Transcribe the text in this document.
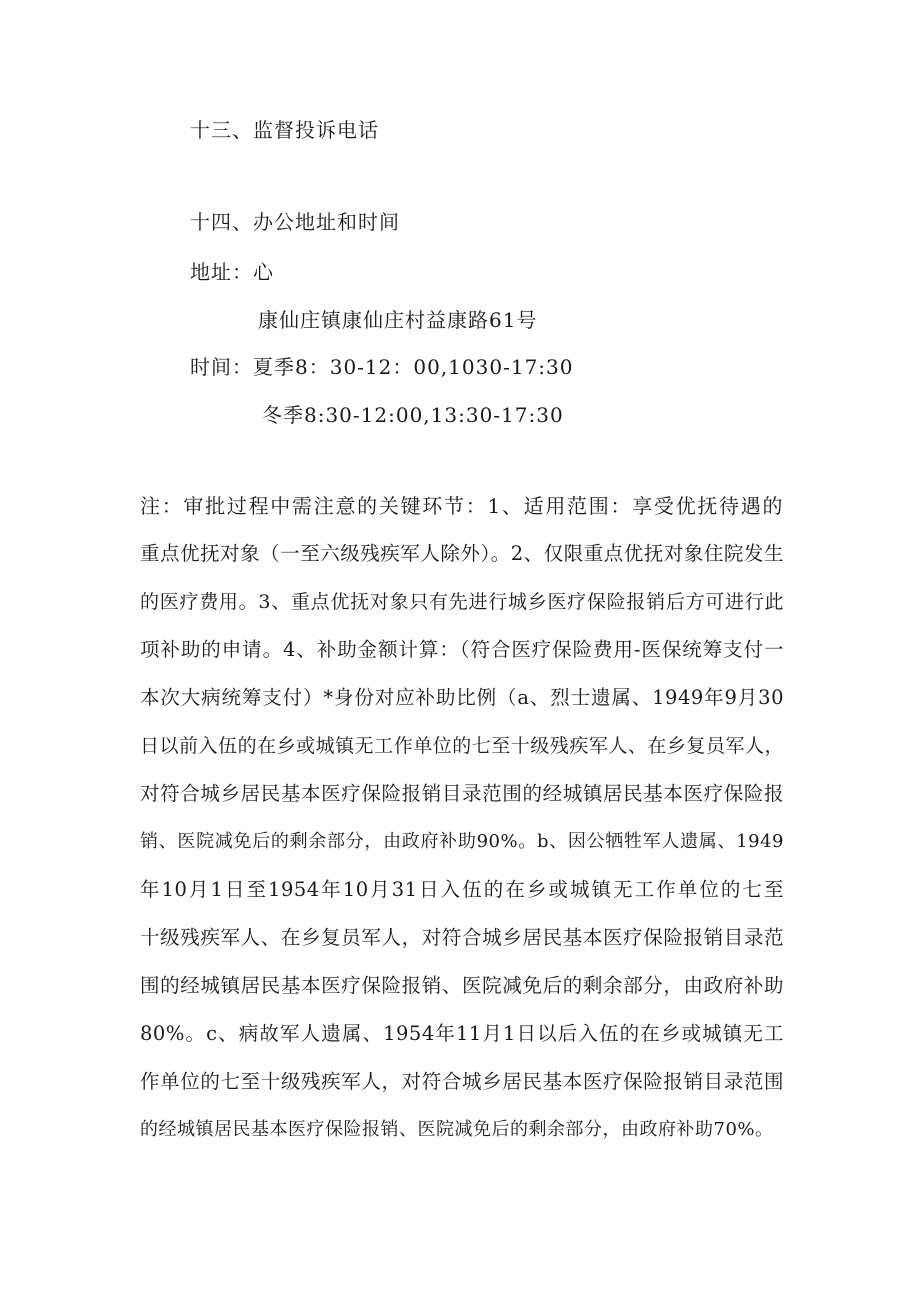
十三、监督投诉电话
十四、办公地址和时间
地址：心
康仙庄镇康仙庄村益康路61号
时间：夏季8：30-12：00,1030-17:30
冬季8:30-12:00,13:30-17:30
注：审批过程中需注意的关键环节：1、适用范围：享受优抚待遇的
重点优抚对象（一至六级残疾军人除外）。2、仅限重点优抚对象住院发生
的医疗费用。3、重点优抚对象只有先进行城乡医疗保险报销后方可进行此
项补助的申请。4、补助金额计算：（符合医疗保险费用-医保统筹支付一
本次大病统筹支付）*身份对应补助比例（a、烈士遗属、1949年9月30
日以前入伍的在乡或城镇无工作单位的七至十级残疾军人、在乡复员军人，
对符合城乡居民基本医疗保险报销目录范围的经城镇居民基本医疗保险报
销、医院减免后的剩余部分，由政府补助90%。b、因公牺牲军人遗属、1949
年10月1日至1954年10月31日入伍的在乡或城镇无工作单位的七至
十级残疾军人、在乡复员军人，对符合城乡居民基本医疗保险报销目录范
围的经城镇居民基本医疗保险报销、医院减免后的剩余部分，由政府补助
80%。c、病故军人遗属、1954年11月1日以后入伍的在乡或城镇无工
作单位的七至十级残疾军人，对符合城乡居民基本医疗保险报销目录范围
的经城镇居民基本医疗保险报销、医院减免后的剩余部分，由政府补助70%。
